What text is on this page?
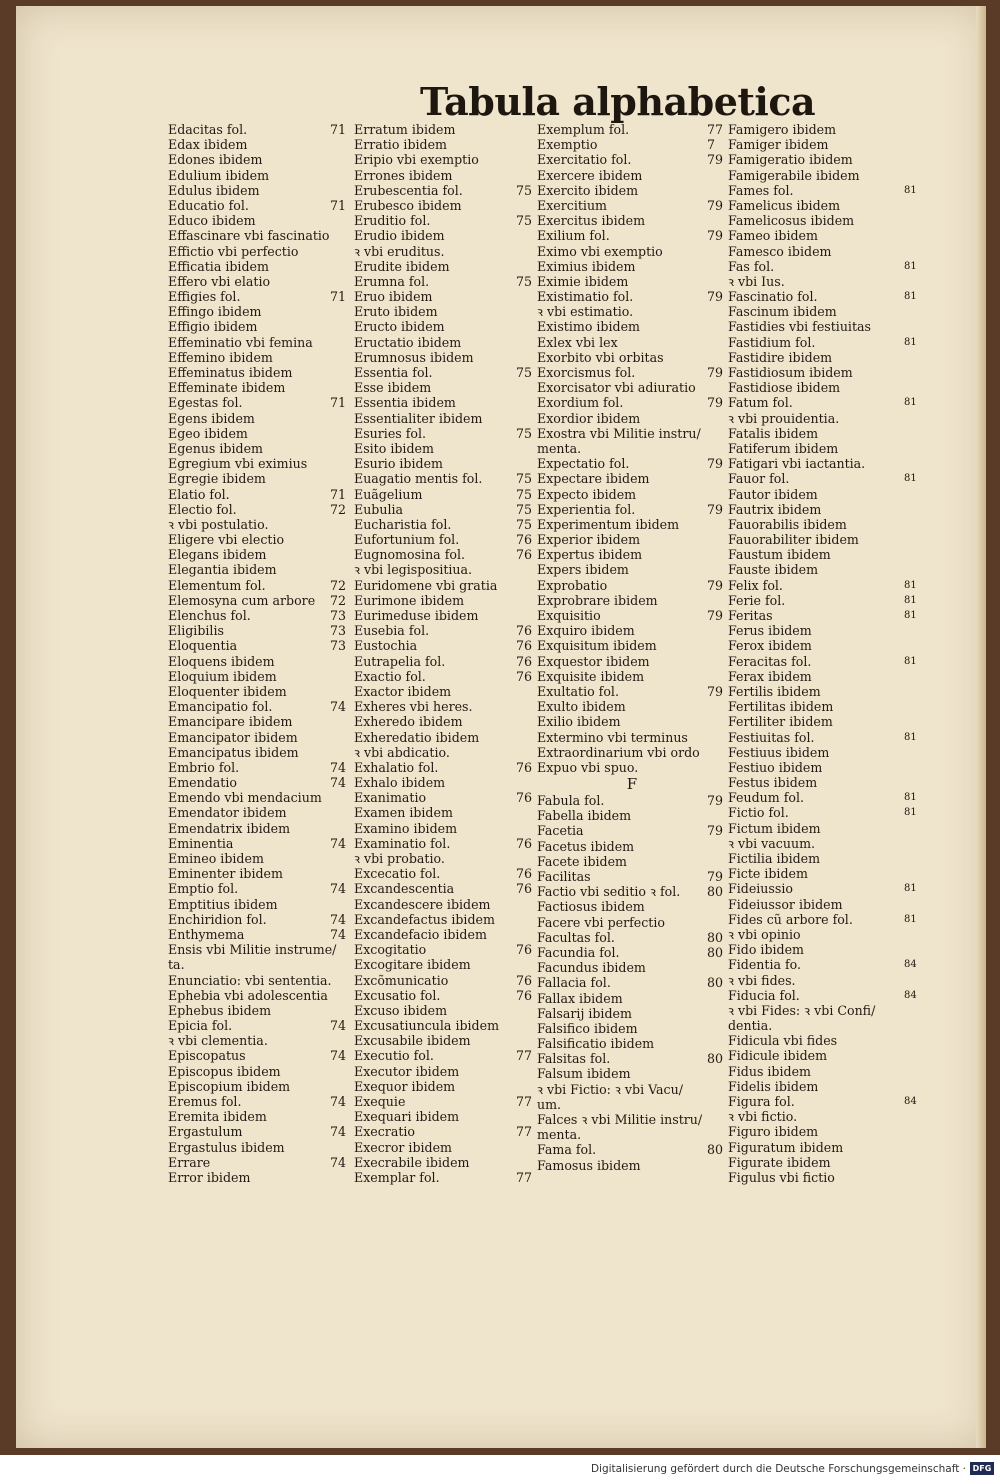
Tabula alphabetica
Edacitas fol.	71
Edax ibidem
Edones ibidem
Edulium ibidem
Edulus ibidem
Educatio fol.	71
Educo ibidem
Effascinare vbi fascinatio
Effictio vbi perfectio
Efficatia ibidem
Effero vbi elatio
Effigies fol.	71
Effingo ibidem
Effigio ibidem
Effeminatio vbi femina
Effemino ibidem
Effeminatus ibidem
Effeminate ibidem
Egestas fol.	71
Egens ibidem
Egeo ibidem
Egenus ibidem
Egregium vbi eximius
Egregie ibidem
Elatio fol.	71
Electio fol.	72
ꝛ vbi postulatio.
Eligere vbi electio
Elegans ibidem
Elegantia ibidem
Elementum fol.	72
Elemosyna cum arbore 72
Elenchus fol.	73
Eligibilis	73
Eloquentia	73
Eloquens ibidem
Eloquium ibidem
Eloquenter ibidem
Emancipatio fol.	74
Emancipare ibidem
Emancipator ibidem
Emancipatus ibidem
Embrio fol.	74
Emendatio	74
Emendo vbi mendacium
Emendator ibidem
Emendatrix ibidem
Eminentia	74
Emineo ibidem
Eminenter ibidem
Emptio fol.	74
Emptitius ibidem
Enchiridion fol.	74
Enthymema	74
Ensis vbi Militie instrume/
ta.
Enunciatio: vbi sententia.
Ephebia vbi adolescentia
Ephebus ibidem
Epicia fol.	74
ꝛ vbi clementia.
Episcopatus	74
Episcopus ibidem
Episcopium ibidem
Eremus fol.	74
Eremita ibidem
Ergastulum	74
Ergastulus ibidem
Errare	74
Error ibidem
Erratum ibidem
Erratio ibidem
Eripio vbi exemptio
Errones ibidem
Erubescentia fol.	75
Erubesco ibidem
Eruditio fol.	75
Erudio ibidem
ꝛ vbi eruditus.
Erudite ibidem
Erumna fol.	75
Eruo ibidem
Eruto ibidem
Eructo ibidem
Eructatio ibidem
Erumnosus ibidem
Essentia fol.	75
Esse ibidem
Essentia ibidem
Essentialiter ibidem
Esuries fol.	75
Esito ibidem
Esurio ibidem
Euagatio mentis fol.	75
Euãgelium	75
Eubulia	75
Eucharistia fol.	75
Eufortunium fol.	76
Eugnomosina fol.	76
ꝛ vbi legispositiua.
Euridomene vbi gratia
Eurimone ibidem
Eurimeduse ibidem
Eusebia fol.	76
Eustochia	76
Eutrapelia fol.	76
Exactio fol.	76
Exactor ibidem
Exheres vbi heres.
Exheredo ibidem
Exheredatio ibidem
ꝛ vbi abdicatio.
Exhalatio fol.	76
Exhalo ibidem
Exanimatio	76
Examen ibidem
Examino ibidem
Examinatio fol.	76
ꝛ vbi probatio.
Excecatio fol.	76
Excandescentia	76
Excandescere ibidem
Excandefactus ibidem
Excandefacio ibidem
Excogitatio	76
Excogitare ibidem
Excõmunicatio	76
Excusatio fol.	76
Excuso ibidem
Excusatiuncula ibidem
Excusabile ibidem
Executio fol.	77
Executor ibidem
Exequor ibidem
Exequie	77
Exequari ibidem
Execratio	77
Execror ibidem
Execrabile ibidem
Exemplar fol.	77
Exemplum fol.	77
Exemptio	7
Exercitatio fol.	79
Exercere ibidem
Exercito ibidem
Exercitium	79
Exercitus ibidem
Exilium fol.	79
Eximo vbi exemptio
Eximius ibidem
Eximie ibidem
Existimatio fol.	79
ꝛ vbi estimatio.
Existimo ibidem
Exlex vbi lex
Exorbito vbi orbitas
Exorcismus fol.	79
Exorcisator vbi adiuratio
Exordium fol.	79
Exordior ibidem
Exostra vbi Militie instru/
menta.
Expectatio fol.	79
Expectare ibidem
Expecto ibidem
Experientia fol.	79
Experimentum ibidem
Experior ibidem
Expertus ibidem
Expers ibidem
Exprobatio	79
Exprobrare ibidem
Exquisitio	79
Exquiro ibidem
Exquisitum ibidem
Exquestor ibidem
Exquisite ibidem
Exultatio fol.	79
Exulto ibidem
Exilio ibidem
Extermino vbi terminus
Extraordinarium vbi ordo
Expuo vbi spuo.
F
Fabula fol.	79
Fabella ibidem
Facetia	79
Facetus ibidem
Facete ibidem
Facilitas	79
Factio vbi seditio ꝛ fol. 80
Factiosus ibidem
Facere vbi perfectio
Facultas fol.	80
Facundia fol.	80
Facundus ibidem
Fallacia fol.	80
Fallax ibidem
Falsarij ibidem
Falsifico ibidem
Falsificatio ibidem
Falsitas fol.	80
Falsum ibidem
ꝛ vbi Fictio: ꝛ vbi Vacu/
um.
Falces ꝛ vbi Militie instru/
menta.
Fama fol.	80
Famosus ibidem
Famigero ibidem
Famiger ibidem
Famigeratio ibidem
Famigerabile ibidem
Fames fol.	81
Famelicus ibidem
Famelicosus ibidem
Fameo ibidem
Famesco ibidem
Fas fol.	81
ꝛ vbi Ius.
Fascinatio fol.	81
Fascinum ibidem
Fastidies vbi festiuitas
Fastidium fol.	81
Fastidire ibidem
Fastidiosum ibidem
Fastidiose ibidem
Fatum fol.	81
ꝛ vbi prouidentia.
Fatalis ibidem
Fatiferum ibidem
Fatigari vbi iactantia.
Fauor fol.	81
Fautor ibidem
Fautrix ibidem
Fauorabilis ibidem
Fauorabiliter ibidem
Faustum ibidem
Fauste ibidem
Felix fol.	81
Ferie fol.	81
Feritas	81
Ferus ibidem
Ferox ibidem
Feracitas fol.	81
Ferax ibidem
Fertilis ibidem
Fertilitas ibidem
Fertiliter ibidem
Festiuitas fol.	81
Festiuus ibidem
Festiuo ibidem
Festus ibidem
Feudum fol.	81
Fictio fol.	81
Fictum ibidem
ꝛ vbi vacuum.
Fictilia ibidem
Ficte ibidem
Fideiussio	81
Fideiussor ibidem
Fides cũ arbore fol.	81
ꝛ vbi opinio
Fido ibidem
Fidentia fo.	84
ꝛ vbi fides.
Fiducia fol.	84
ꝛ vbi Fides: ꝛ vbi Confi/
dentia.
Fidicula vbi fides
Fidicule ibidem
Fidus ibidem
Fidelis ibidem
Figura fol.	84
ꝛ vbi fictio.
Figuro ibidem
Figuratum ibidem
Figurate ibidem
Figulus vbi fictio
Digitalisierung gefördert durch die Deutsche Forschungsgemeinschaft · DFG
